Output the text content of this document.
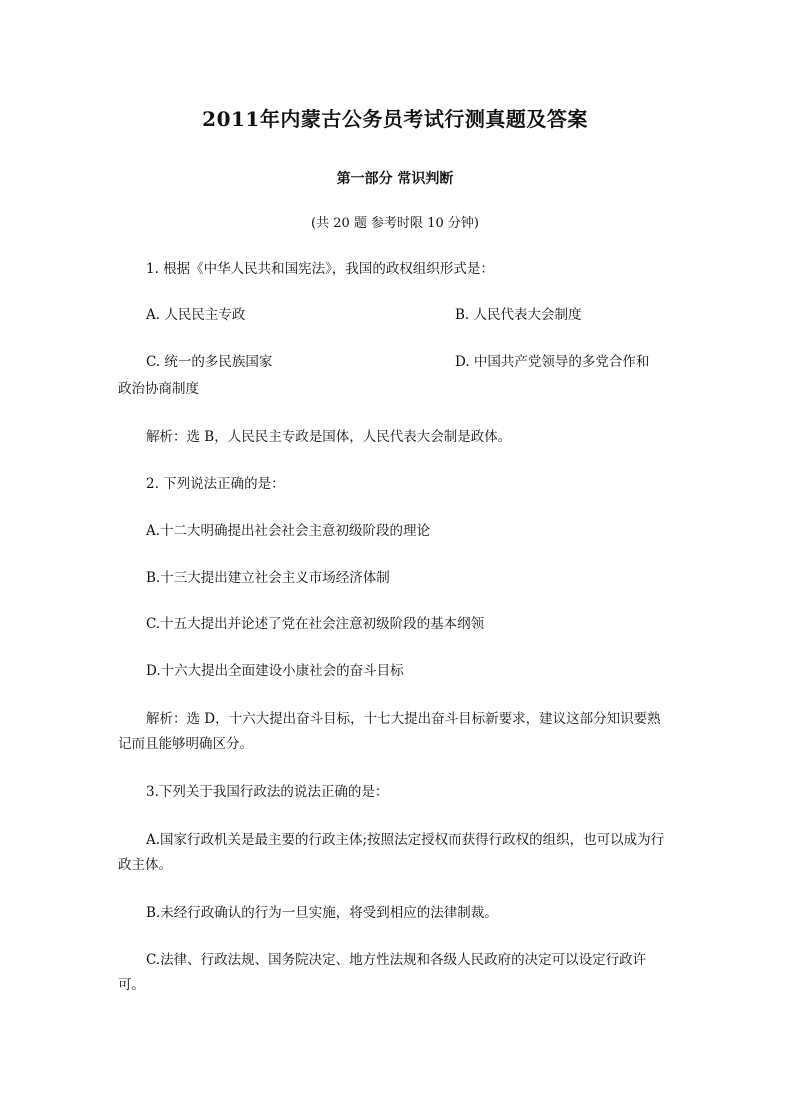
2011年内蒙古公务员考试行测真题及答案
第一部分 常识判断
(共 20 题 参考时限 10 分钟)
1. 根据《中华人民共和国宪法》，我国的政权组织形式是：
A. 人民民主专政	B. 人民代表大会制度
C. 统一的多民族国家	D. 中国共产党领导的多党合作和
政治协商制度
解析：选 B，人民民主专政是国体，人民代表大会制是政体。
2. 下列说法正确的是：
A.十二大明确提出社会社会主意初级阶段的理论
B.十三大提出建立社会主义市场经济体制
C.十五大提出并论述了党在社会注意初级阶段的基本纲领
D.十六大提出全面建设小康社会的奋斗目标
解析：选 D，十六大提出奋斗目标，十七大提出奋斗目标新要求，建议这部分知识要熟记而且能够明确区分。
3.下列关于我国行政法的说法正确的是：
A.国家行政机关是最主要的行政主体;按照法定授权而获得行政权的组织，也可以成为行政主体。
B.未经行政确认的行为一旦实施，将受到相应的法律制裁。
C.法律、行政法规、国务院决定、地方性法规和各级人民政府的决定可以设定行政许可。
